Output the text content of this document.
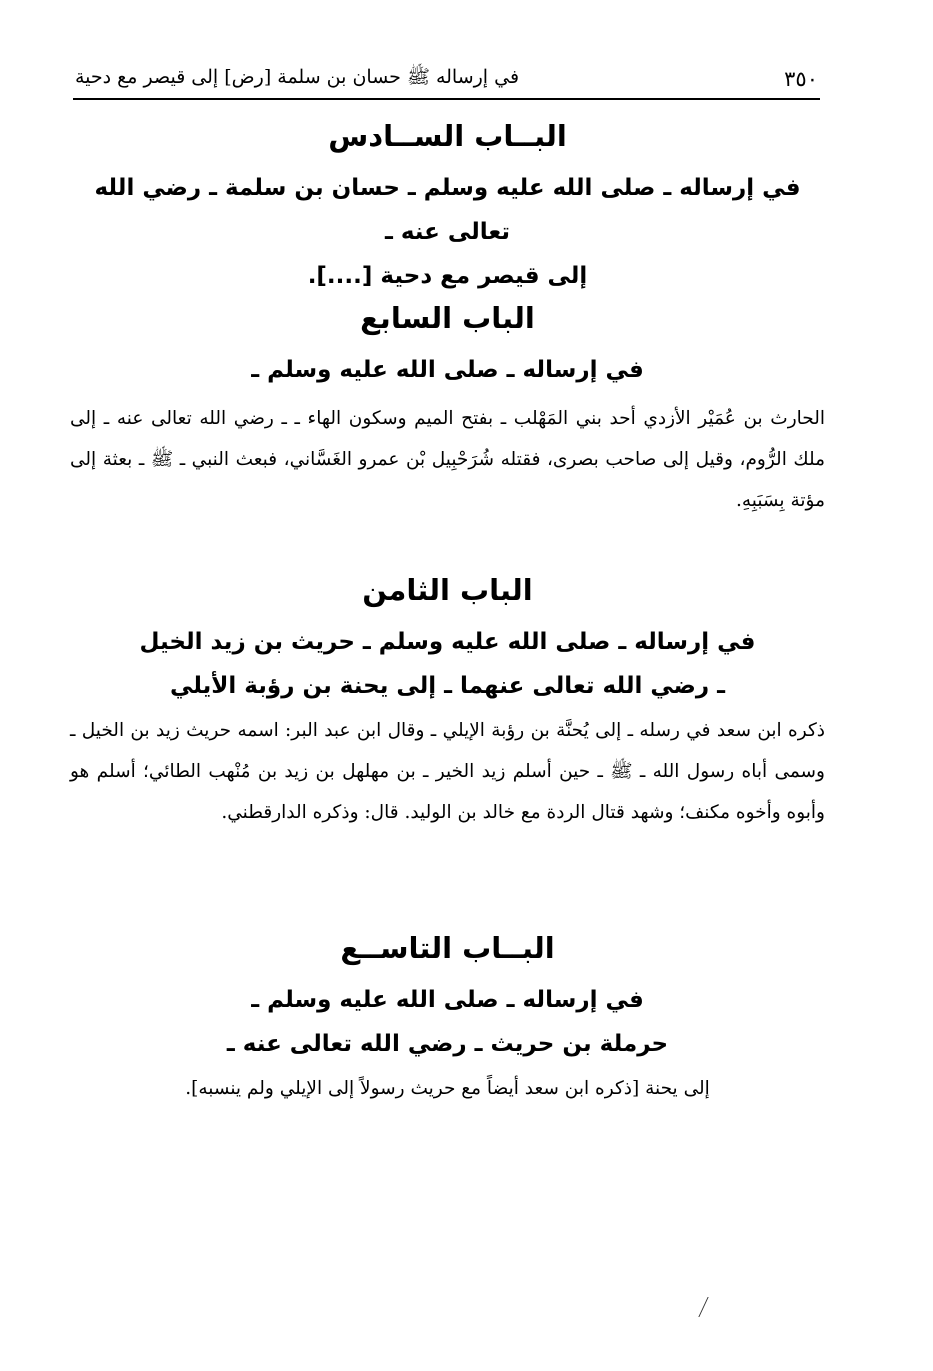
٣٥٠
في إرساله ﷺ حسان بن سلمة [رض] إلى قيصر مع دحية

البــاب الســادس

في إرساله ـ صلى الله عليه وسلم ـ حسان بن سلمة ـ رضي الله تعالى عنه ـ

إلى قيصر مع دحية [....].

الباب السابع

في إرساله ـ صلى الله عليه وسلم ـ

الحارث بن عُمَيْر الأزدي أحد بني المَهْلب ـ بفتح الميم وسكون الهاء ـ ـ رضي الله تعالى عنه ـ إلى ملك الرُّوم، وقيل إلى صاحب بصرى، فقتله شُرَحْبِيل بْن عمرو الغَسَّاني، فبعث النبي ـ ﷺ ـ بعثة إلى مؤتة بِسَبَبِهِ.

الباب الثامن

في إرساله ـ صلى الله عليه وسلم ـ حريث بن زيد الخيل

ـ رضي الله تعالى عنهما ـ إلى يحنة بن رؤبة الأيلي

ذكره ابن سعد في رسله ـ إلى يُحنَّة بن رؤبة الإيلي ـ وقال ابن عبد البر: اسمه حريث زيد بن الخيل ـ وسمى أباه رسول الله ـ ﷺ ـ حين أسلم زيد الخير ـ بن مهلهل بن زيد بن مُنْهب الطائي؛ أسلم هو وأبوه وأخوه مكنف؛ وشهد قتال الردة مع خالد بن الوليد. قال: وذكره الدارقطني.

البــاب التاســع

في إرساله ـ صلى الله عليه وسلم ـ

حرملة بن حريث ـ رضي الله تعالى عنه ـ

إلى يحنة [ذكره ابن سعد أيضاً مع حريث رسولاً إلى الإيلي ولم ينسبه].
